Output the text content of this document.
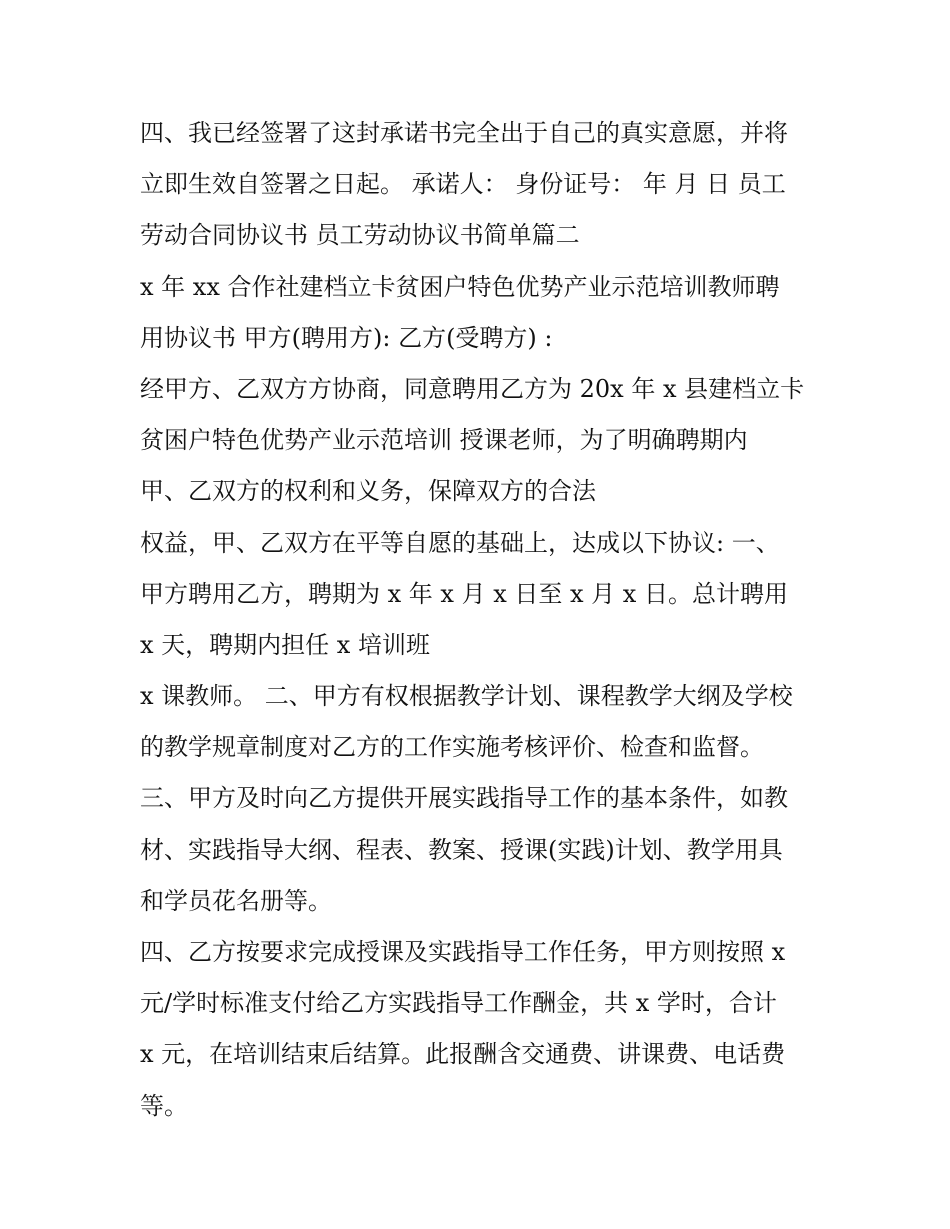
四、我已经签署了这封承诺书完全出于自己的真实意愿，并将

立即生效自签署之日起。 承诺人： 身份证号： 年 月 日 员工

劳动合同协议书 员工劳动协议书简单篇二

x 年 xx 合作社建档立卡贫困户特色优势产业示范培训教师聘

用协议书 甲方(聘用方): 乙方(受聘方) :

经甲方、乙双方方协商，同意聘用乙方为 20x 年 x 县建档立卡

贫困户特色优势产业示范培训 授课老师，为了明确聘期内

甲、乙双方的权利和义务，保障双方的合法

权益，甲、乙双方在平等自愿的基础上，达成以下协议: 一、

甲方聘用乙方，聘期为 x 年 x 月 x 日至 x 月 x 日。总计聘用

x 天，聘期内担任 x 培训班

x 课教师。 二、甲方有权根据教学计划、课程教学大纲及学校

的教学规章制度对乙方的工作实施考核评价、检查和监督。

三、甲方及时向乙方提供开展实践指导工作的基本条件，如教

材、实践指导大纲、程表、教案、授课(实践)计划、教学用具

和学员花名册等。

四、乙方按要求完成授课及实践指导工作任务，甲方则按照 x

元/学时标准支付给乙方实践指导工作酬金，共 x 学时，合计

x 元，在培训结束后结算。此报酬含交通费、讲课费、电话费

等。
